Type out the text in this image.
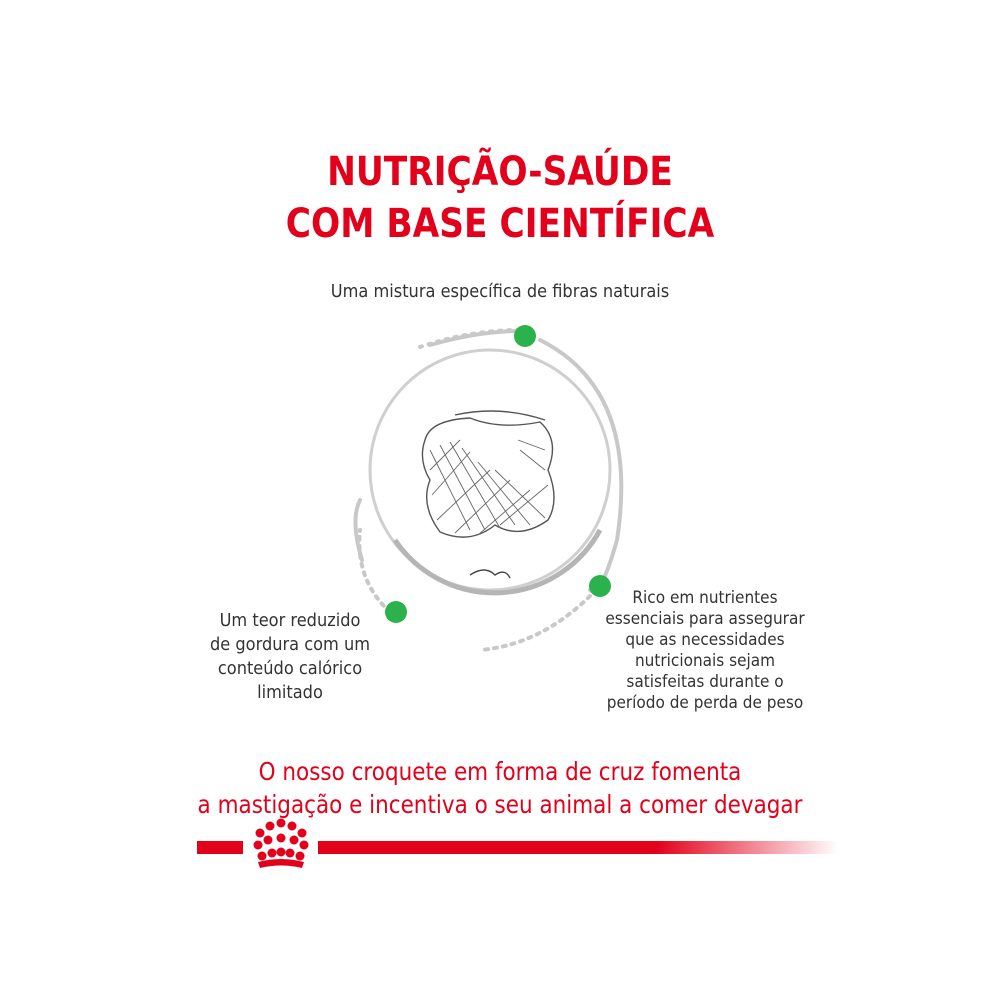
NUTRIÇÃO-SAÚDE
COM BASE CIENTÍFICA
Uma mistura específica de fibras naturais
Um teor reduzido
de gordura com um
conteúdo calórico
limitado
Rico em nutrientes
essenciais para assegurar
que as necessidades
nutricionais sejam
satisfeitas durante o
período de perda de peso
O nosso croquete em forma de cruz fomenta
a mastigação e incentiva o seu animal a comer devagar
